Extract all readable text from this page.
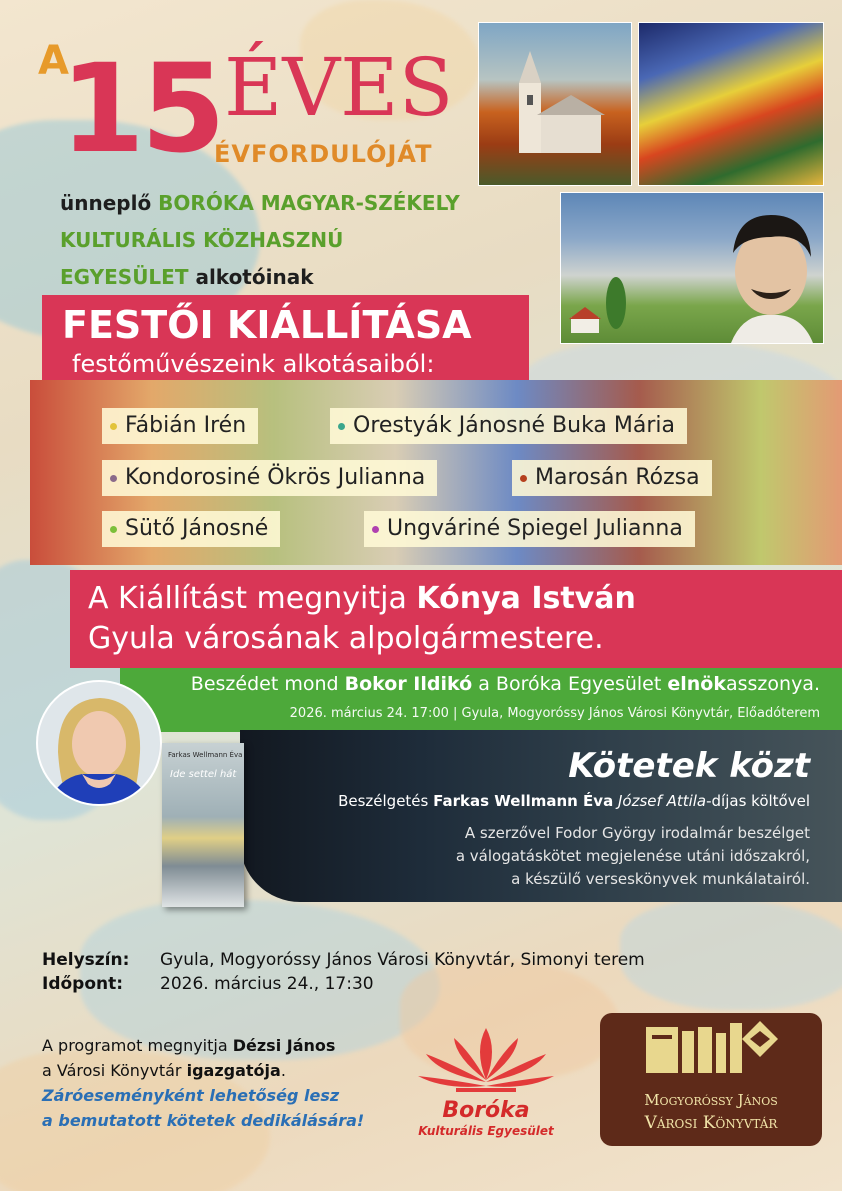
A
15 ÉVES
ÉVFORDULÓJÁT
ünneplő BORÓKA MAGYAR-SZÉKELY
KULTURÁLIS KÖZHASZNÚ
EGYESÜLET alkotóinak
FESTŐI KIÁLLÍTÁSA
festőművészeink alkotásaiból:
Fábián Irén	Orestyák Jánosné Buka Mária
Kondorosiné Ökrös Julianna	Marosán Rózsa
Sütő Jánosné	Ungváriné Spiegel Julianna
A Kiállítást megnyitja Kónya István
Gyula városának alpolgármestere.
Beszédet mond Bokor Ildikó a Boróka Egyesület elnökasszonya.
2026. március 24. 17:00 | Gyula, Mogyoróssy János Városi Könyvtár, Előadóterem
Kötetek közt
Beszélgetés Farkas Wellmann Éva József Attila-díjas költővel
A szerzővel Fodor György irodalmár beszélget
a válogatáskötet megjelenése utáni időszakról,
a készülő verseskönyvek munkálatairól.
Farkas Wellmann Éva
Ide settel hát
Helyszín: Gyula, Mogyoróssy János Városi Könyvtár, Simonyi terem
Időpont: 2026. március 24., 17:30
A programot megnyitja Dézsi János
a Városi Könyvtár igazgatója.
Záróeseményként lehetőség lesz
a bemutatott kötetek dedikálására!	Boróka
Kulturális Egyesület
Mogyoróssy János
Városi Könyvtár
